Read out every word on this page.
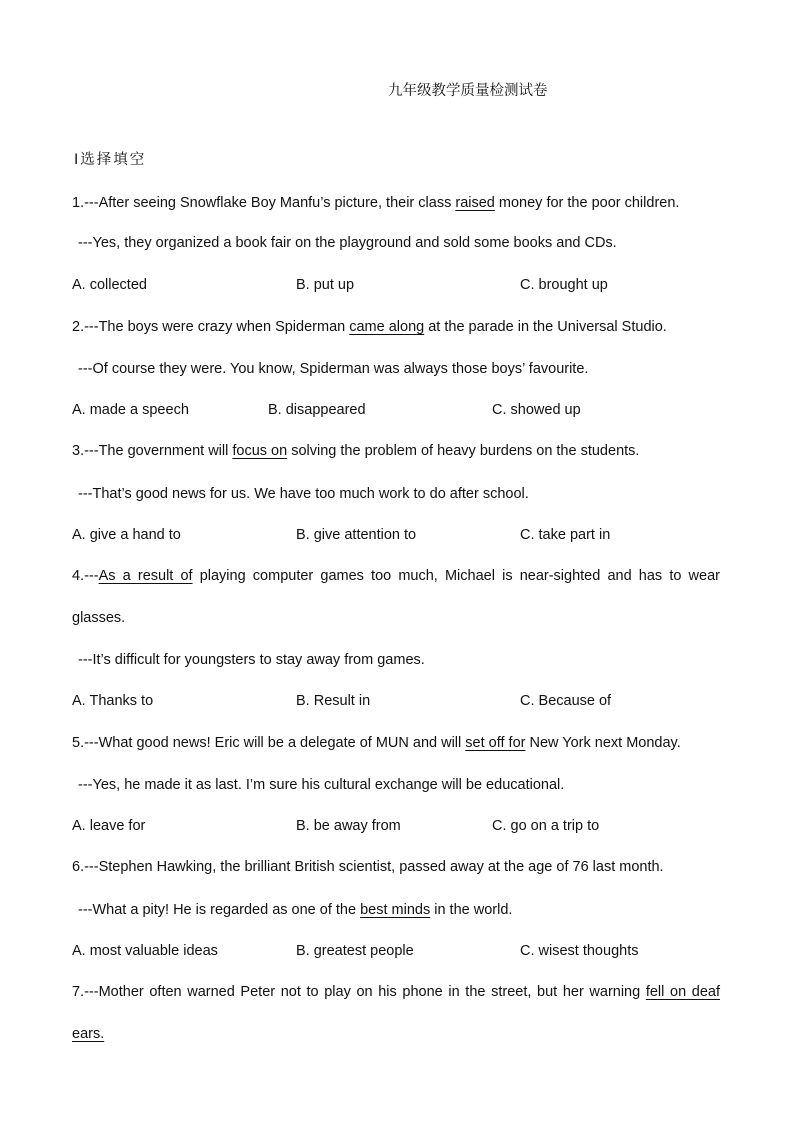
九年级教学质量检测试卷
Ⅰ选择填空
1.---After seeing Snowflake Boy Manfu’s picture, their class raised money for the poor children.
---Yes, they organized a book fair on the playground and sold some books and CDs.
A. collected	B. put up	C. brought up
2.---The boys were crazy when Spiderman came along at the parade in the Universal Studio.
---Of course they were. You know, Spiderman was always those boys’ favourite.
A. made a speech	B. disappeared	C. showed up
3.---The government will focus on solving the problem of heavy burdens on the students.
---That’s good news for us. We have too much work to do after school.
A. give a hand to	B. give attention to	C. take part in
4.---As a result of playing computer games too much, Michael is near-sighted and has to wear
glasses.
---It’s difficult for youngsters to stay away from games.
A. Thanks to	B. Result in	C. Because of
5.---What good news! Eric will be a delegate of MUN and will set off for New York next Monday.
---Yes, he made it as last. I’m sure his cultural exchange will be educational.
A. leave for	B. be away from	C. go on a trip to
6.---Stephen Hawking, the brilliant British scientist, passed away at the age of 76 last month.
---What a pity! He is regarded as one of the best minds in the world.
A. most valuable ideas	B. greatest people	C. wisest thoughts
7.---Mother often warned Peter not to play on his phone in the street, but her warning fell on deaf
ears.
